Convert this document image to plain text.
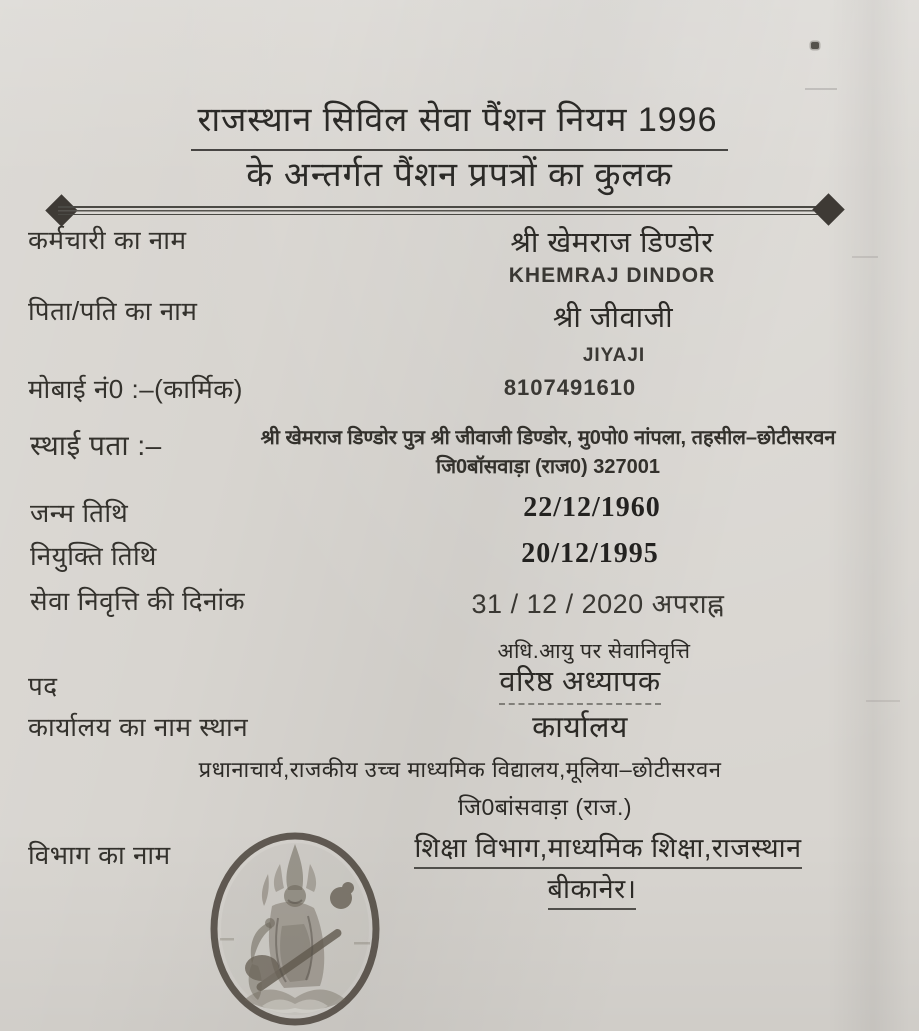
राजस्थान सिविल सेवा पैंशन नियम 1996
के अन्तर्गत पैंशन प्रपत्रों का कुलक
कर्मचारी का नाम	श्री खेमराज डिण्डोर
KHEMRAJ DINDOR
पिता/पति का नाम	श्री जीवाजी
JIYAJI
मोबाई नं0 :–(कार्मिक)	8107491610
स्थाई पता :–	श्री खेमराज डिण्डोर पुत्र श्री जीवाजी डिण्डोर, मु0पो0 नांपला, तहसील–छोटीसरवन
जि0बॉसवाड़ा (राज0) 327001
जन्म तिथि	22/12/1960
नियुक्ति तिथि	20/12/1995
सेवा निवृत्ति की दिनांक	31 / 12 / 2020 अपराह्न
अधि.आयु पर सेवानिवृत्ति
पद	वरिष्ठ अध्यापक
कार्यालय का नाम स्थान	कार्यालय
प्रधानाचार्य,राजकीय उच्च माध्यमिक विद्यालय,मूलिया–छोटीसरवन
जि0बांसवाड़ा (राज.)
विभाग का नाम	शिक्षा विभाग,माध्यमिक शिक्षा,राजस्थान
बीकानेर।
